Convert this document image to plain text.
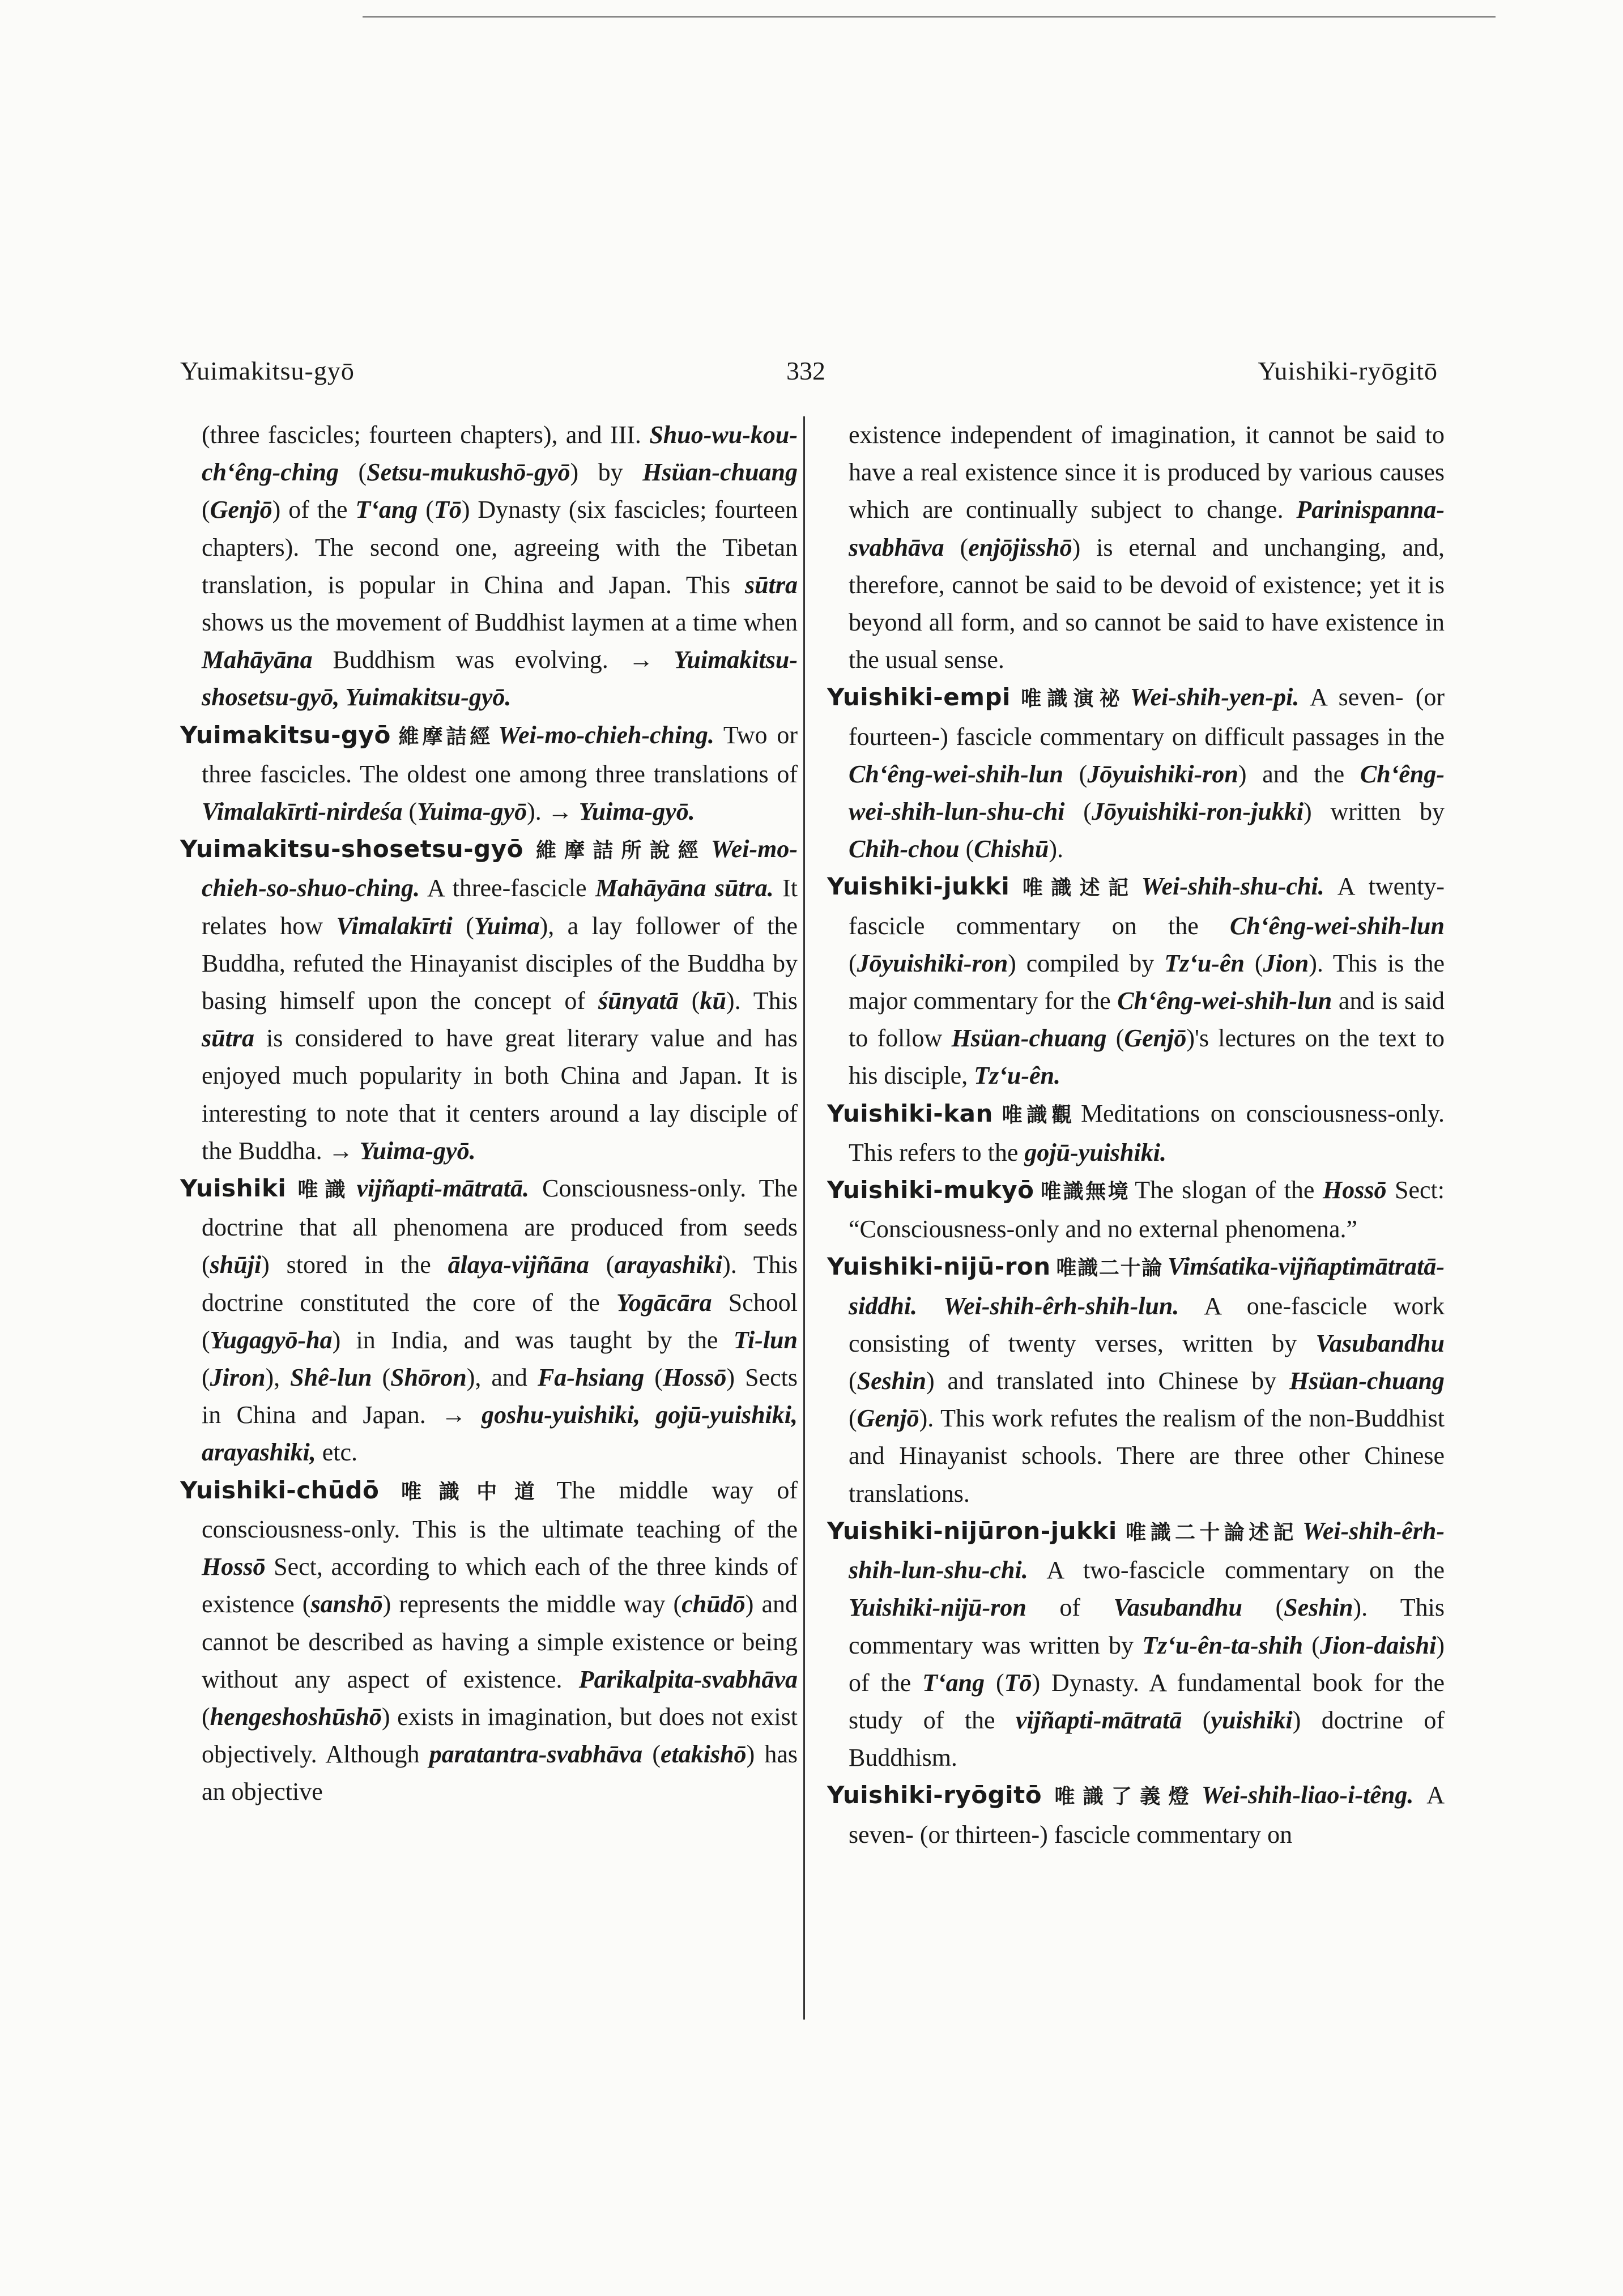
Yuimakitsu-gyō	332	Yuishiki-ryōgitō

(three fascicles; fourteen chapters), and III. Shuo-wu-kou-ch‘êng-ching (Setsu-mukushō-gyō) by Hsüan-chuang (Genjō) of the T‘ang (Tō) Dynasty (six fascicles; fourteen chapters). The second one, agreeing with the Tibetan translation, is popular in China and Japan. This sūtra shows us the movement of Buddhist laymen at a time when Mahāyāna Buddhism was evolving. → Yuimakitsu-shosetsu-gyō, Yuimakitsu-gyō.

Yuimakitsu-gyō 維摩詰經 Wei-mo-chieh-ching. Two or three fascicles. The oldest one among three translations of Vimalakīrti-nirdeśa (Yuima-gyō). → Yuima-gyō.

Yuimakitsu-shosetsu-gyō 維摩詰所說經 Wei-mo-chieh-so-shuo-ching. A three-fascicle Mahāyāna sūtra. It relates how Vimalakīrti (Yuima), a lay follower of the Buddha, refuted the Hinayanist disciples of the Buddha by basing himself upon the concept of śūnyatā (kū). This sūtra is considered to have great literary value and has enjoyed much popularity in both China and Japan. It is interesting to note that it centers around a lay disciple of the Buddha. → Yuima-gyō.

Yuishiki 唯識 vijñapti-mātratā. Consciousness-only. The doctrine that all phenomena are produced from seeds (shūji) stored in the ālaya-vijñāna (arayashiki). This doctrine constituted the core of the Yogācāra School (Yugagyō-ha) in India, and was taught by the Ti-lun (Jiron), Shê-lun (Shōron), and Fa-hsiang (Hossō) Sects in China and Japan. → goshu-yuishiki, gojū-yuishiki, arayashiki, etc.

Yuishiki-chūdō 唯識中道 The middle way of consciousness-only. This is the ultimate teaching of the Hossō Sect, according to which each of the three kinds of existence (sanshō) represents the middle way (chūdō) and cannot be described as having a simple existence or being without any aspect of existence. Parikalpita-svabhāva (hengeshoshūshō) exists in imagination, but does not exist objectively. Although paratantra-svabhāva (etakishō) has an objective

existence independent of imagination, it cannot be said to have a real existence since it is produced by various causes which are continually subject to change. Parinispanna-svabhāva (enjōjisshō) is eternal and unchanging, and, therefore, cannot be said to be devoid of existence; yet it is beyond all form, and so cannot be said to have existence in the usual sense.

Yuishiki-empi 唯識演祕 Wei-shih-yen-pi. A seven- (or fourteen-) fascicle commentary on difficult passages in the Ch‘êng-wei-shih-lun (Jōyuishiki-ron) and the Ch‘êng-wei-shih-lun-shu-chi (Jōyuishiki-ron-jukki) written by Chih-chou (Chishū).

Yuishiki-jukki 唯識述記 Wei-shih-shu-chi. A twenty-fascicle commentary on the Ch‘êng-wei-shih-lun (Jōyuishiki-ron) compiled by Tz‘u-ên (Jion). This is the major commentary for the Ch‘êng-wei-shih-lun and is said to follow Hsüan-chuang (Genjō)'s lectures on the text to his disciple, Tz‘u-ên.

Yuishiki-kan 唯識觀 Meditations on consciousness-only. This refers to the gojū-yuishiki.

Yuishiki-mukyō 唯識無境 The slogan of the Hossō Sect: “Consciousness-only and no external phenomena.”

Yuishiki-nijū-ron 唯識二十論 Vimśatika-vijñaptimātratā-siddhi. Wei-shih-êrh-shih-lun. A one-fascicle work consisting of twenty verses, written by Vasubandhu (Seshin) and translated into Chinese by Hsüan-chuang (Genjō). This work refutes the realism of the non-Buddhist and Hinayanist schools. There are three other Chinese translations.

Yuishiki-nijūron-jukki 唯識二十論述記 Wei-shih-êrh-shih-lun-shu-chi. A two-fascicle commentary on the Yuishiki-nijū-ron of Vasubandhu (Seshin). This commentary was written by Tz‘u-ên-ta-shih (Jion-daishi) of the T‘ang (Tō) Dynasty. A fundamental book for the study of the vijñapti-mātratā (yuishiki) doctrine of Buddhism.

Yuishiki-ryōgitō 唯識了義燈 Wei-shih-liao-i-têng. A seven- (or thirteen-) fascicle commentary on
